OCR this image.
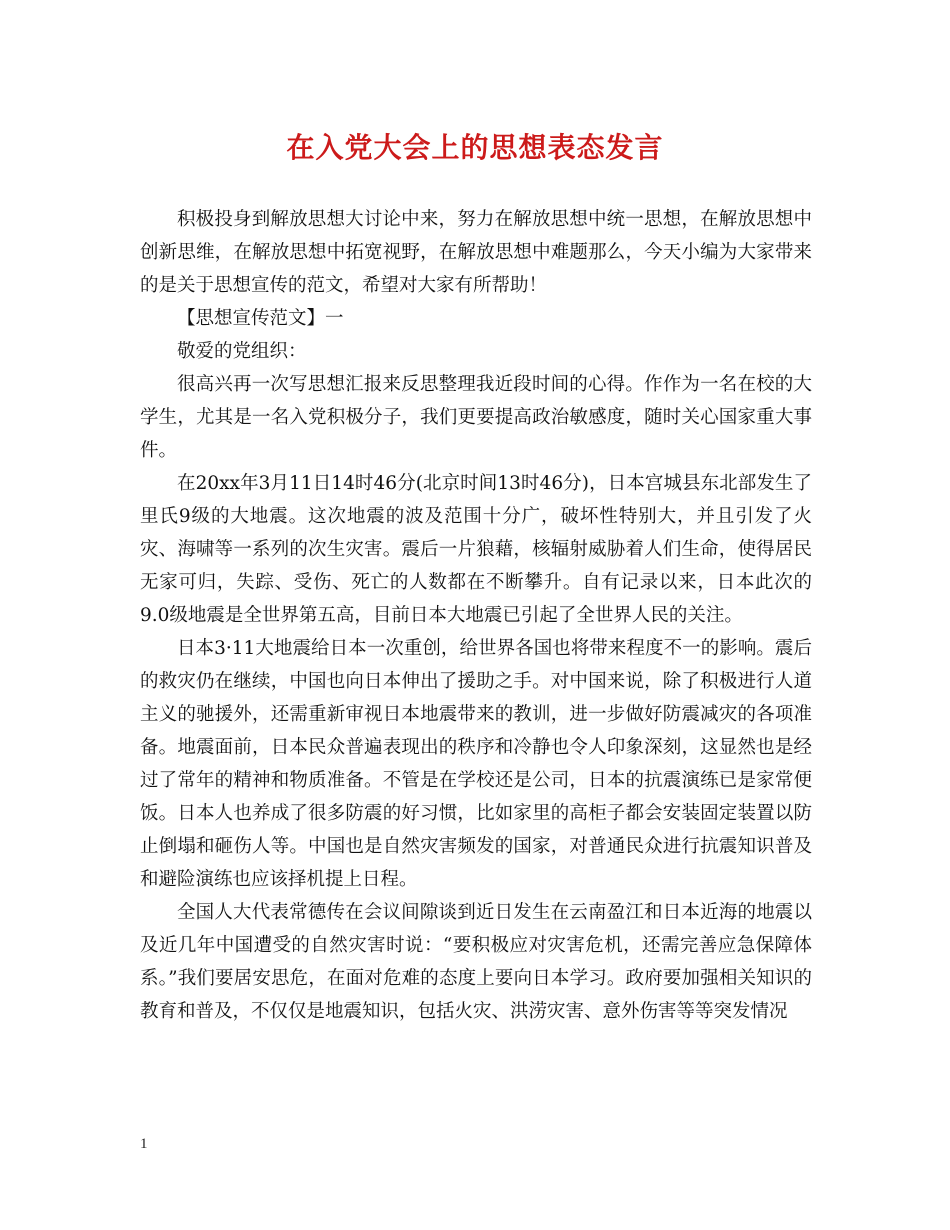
在入党大会上的思想表态发言

积极投身到解放思想大讨论中来，努力在解放思想中统一思想，在解放思想中创新思维，在解放思想中拓宽视野，在解放思想中难题那么，今天小编为大家带来的是关于思想宣传的范文，希望对大家有所帮助！

【思想宣传范文】一

敬爱的党组织：

很高兴再一次写思想汇报来反思整理我近段时间的心得。作作为一名在校的大学生，尤其是一名入党积极分子，我们更要提高政治敏感度，随时关心国家重大事件。

在20xx年3月11日14时46分(北京时间13时46分)，日本宫城县东北部发生了里氏9级的大地震。这次地震的波及范围十分广，破坏性特别大，并且引发了火灾、海啸等一系列的次生灾害。震后一片狼藉，核辐射威胁着人们生命，使得居民无家可归，失踪、受伤、死亡的人数都在不断攀升。自有记录以来，日本此次的9.0级地震是全世界第五高，目前日本大地震已引起了全世界人民的关注。

日本3·11大地震给日本一次重创，给世界各国也将带来程度不一的影响。震后的救灾仍在继续，中国也向日本伸出了援助之手。对中国来说，除了积极进行人道主义的驰援外，还需重新审视日本地震带来的教训，进一步做好防震减灾的各项准备。地震面前，日本民众普遍表现出的秩序和冷静也令人印象深刻，这显然也是经过了常年的精神和物质准备。不管是在学校还是公司，日本的抗震演练已是家常便饭。日本人也养成了很多防震的好习惯，比如家里的高柜子都会安装固定装置以防止倒塌和砸伤人等。中国也是自然灾害频发的国家，对普通民众进行抗震知识普及和避险演练也应该择机提上日程。

全国人大代表常德传在会议间隙谈到近日发生在云南盈江和日本近海的地震以及近几年中国遭受的自然灾害时说：“要积极应对灾害危机，还需完善应急保障体系。”我们要居安思危，在面对危难的态度上要向日本学习。政府要加强相关知识的教育和普及，不仅仅是地震知识，包括火灾、洪涝灾害、意外伤害等等突发情况

1
